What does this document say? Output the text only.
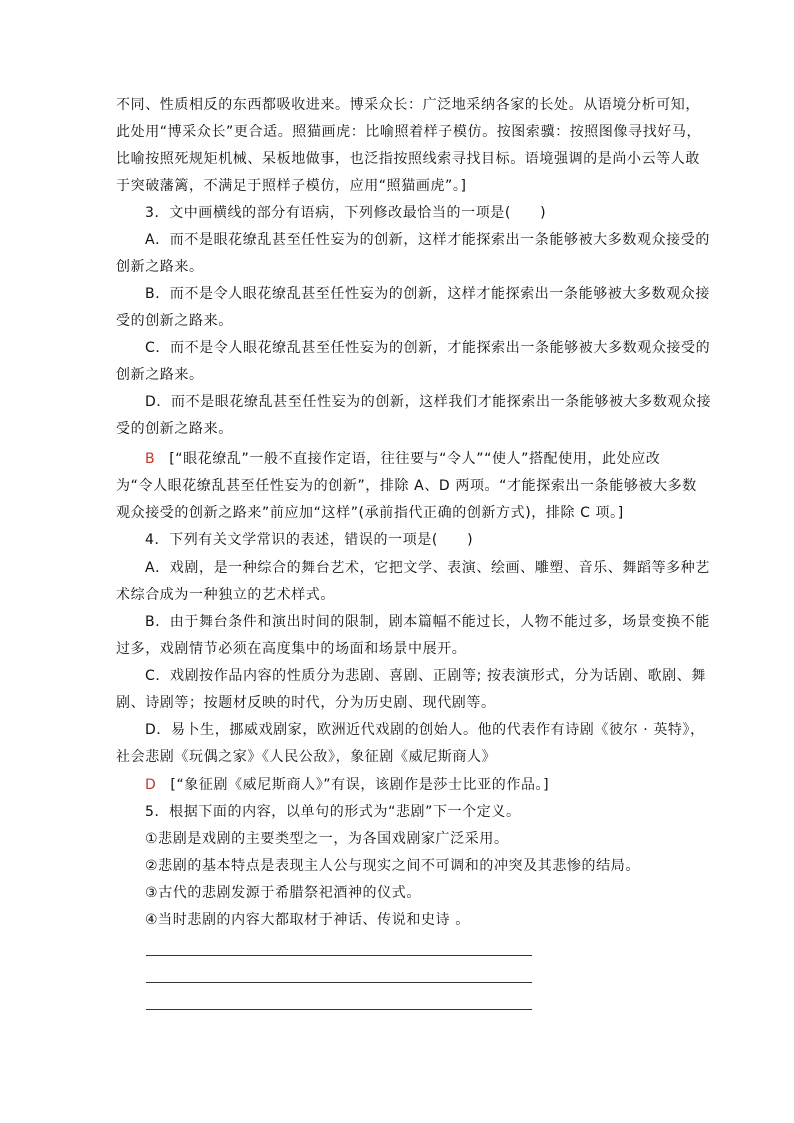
不同、性质相反的东西都吸收进来。博采众长：广泛地采纳各家的长处。从语境分析可知，
此处用“博采众长”更合适。照猫画虎：比喻照着样子模仿。按图索骥：按照图像寻找好马，
比喻按照死规矩机械、呆板地做事，也泛指按照线索寻找目标。语境强调的是尚小云等人敢
于突破藩篱，不满足于照样子模仿，应用“照猫画虎”。]
3．文中画横线的部分有语病，下列修改最恰当的一项是(　　)
A．而不是眼花缭乱甚至任性妄为的创新，这样才能探索出一条能够被大多数观众接受的
创新之路来。
B．而不是令人眼花缭乱甚至任性妄为的创新，这样才能探索出一条能够被大多数观众接
受的创新之路来。
C．而不是令人眼花缭乱甚至任性妄为的创新，才能探索出一条能够被大多数观众接受的
创新之路来。
D．而不是眼花缭乱甚至任性妄为的创新，这样我们才能探索出一条能够被大多数观众接
受的创新之路来。
B [“眼花缭乱”一般不直接作定语，往往要与“令人”“使人”搭配使用，此处应改
为“令人眼花缭乱甚至任性妄为的创新”，排除 A、D 两项。“才能探索出一条能够被大多数
观众接受的创新之路来”前应加“这样”(承前指代正确的创新方式)，排除 C 项。]
4．下列有关文学常识的表述，错误的一项是(　　)
A．戏剧，是一种综合的舞台艺术，它把文学、表演、绘画、雕塑、音乐、舞蹈等多种艺
术综合成为一种独立的艺术样式。
B．由于舞台条件和演出时间的限制，剧本篇幅不能过长，人物不能过多，场景变换不能
过多，戏剧情节必须在高度集中的场面和场景中展开。
C．戏剧按作品内容的性质分为悲剧、喜剧、正剧等; 按表演形式，分为话剧、歌剧、舞
剧、诗剧等；按题材反映的时代，分为历史剧、现代剧等。
D．易卜生，挪威戏剧家，欧洲近代戏剧的创始人。他的代表作有诗剧《彼尔 · 英特》，
社会悲剧《玩偶之家》《人民公敌》，象征剧《威尼斯商人》
D [“象征剧《威尼斯商人》”有误，该剧作是莎士比亚的作品。]
5．根据下面的内容，以单句的形式为“悲剧”下一个定义。
①悲剧是戏剧的主要类型之一，为各国戏剧家广泛采用。
②悲剧的基本特点是表现主人公与现实之间不可调和的冲突及其悲惨的结局。
③古代的悲剧发源于希腊祭祀酒神的仪式。
④当时悲剧的内容大都取材于神话、传说和史诗 。
